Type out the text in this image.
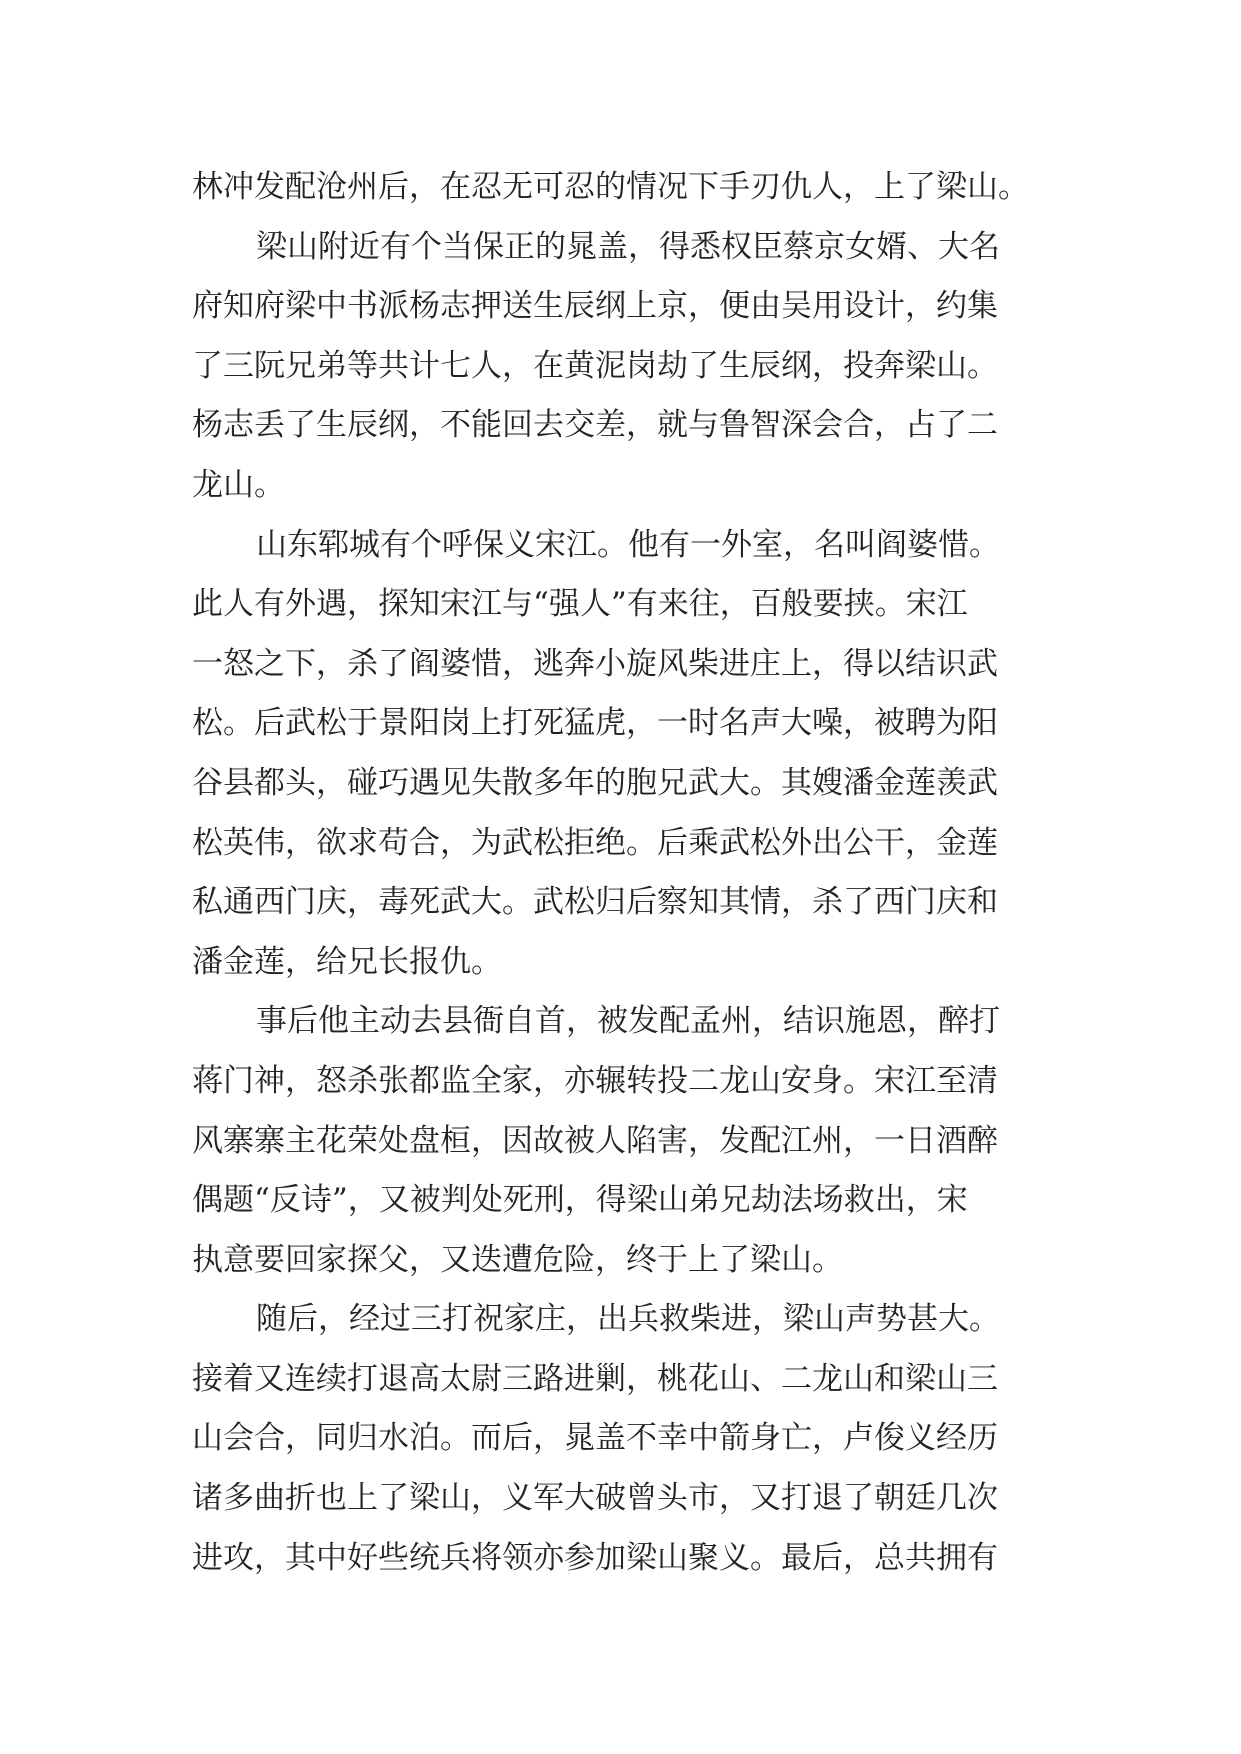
林冲发配沧州后，在忍无可忍的情况下手刃仇人，上了梁山。
梁山附近有个当保正的晁盖，得悉权臣蔡京女婿、大名
府知府梁中书派杨志押送生辰纲上京，便由吴用设计，约集
了三阮兄弟等共计七人，在黄泥岗劫了生辰纲，投奔梁山。
杨志丢了生辰纲，不能回去交差，就与鲁智深会合，占了二
龙山。
山东郓城有个呼保义宋江。他有一外室，名叫阎婆惜。
此人有外遇，探知宋江与“强人”有来往，百般要挟。宋江
一怒之下，杀了阎婆惜，逃奔小旋风柴进庄上，得以结识武
松。后武松于景阳岗上打死猛虎，一时名声大噪，被聘为阳
谷县都头，碰巧遇见失散多年的胞兄武大。其嫂潘金莲羡武
松英伟，欲求苟合，为武松拒绝。后乘武松外出公干，金莲
私通西门庆，毒死武大。武松归后察知其情，杀了西门庆和
潘金莲，给兄长报仇。
事后他主动去县衙自首，被发配孟州，结识施恩，醉打
蒋门神，怒杀张都监全家，亦辗转投二龙山安身。宋江至清
风寨寨主花荣处盘桓，因故被人陷害，发配江州，一日酒醉
偶题“反诗”，又被判处死刑，得梁山弟兄劫法场救出，宋
执意要回家探父，又迭遭危险，终于上了梁山。
随后，经过三打祝家庄，出兵救柴进，梁山声势甚大。
接着又连续打退高太尉三路进剿，桃花山、二龙山和梁山三
山会合，同归水泊。而后，晁盖不幸中箭身亡，卢俊义经历
诸多曲折也上了梁山，义军大破曾头市，又打退了朝廷几次
进攻，其中好些统兵将领亦参加梁山聚义。最后，总共拥有
